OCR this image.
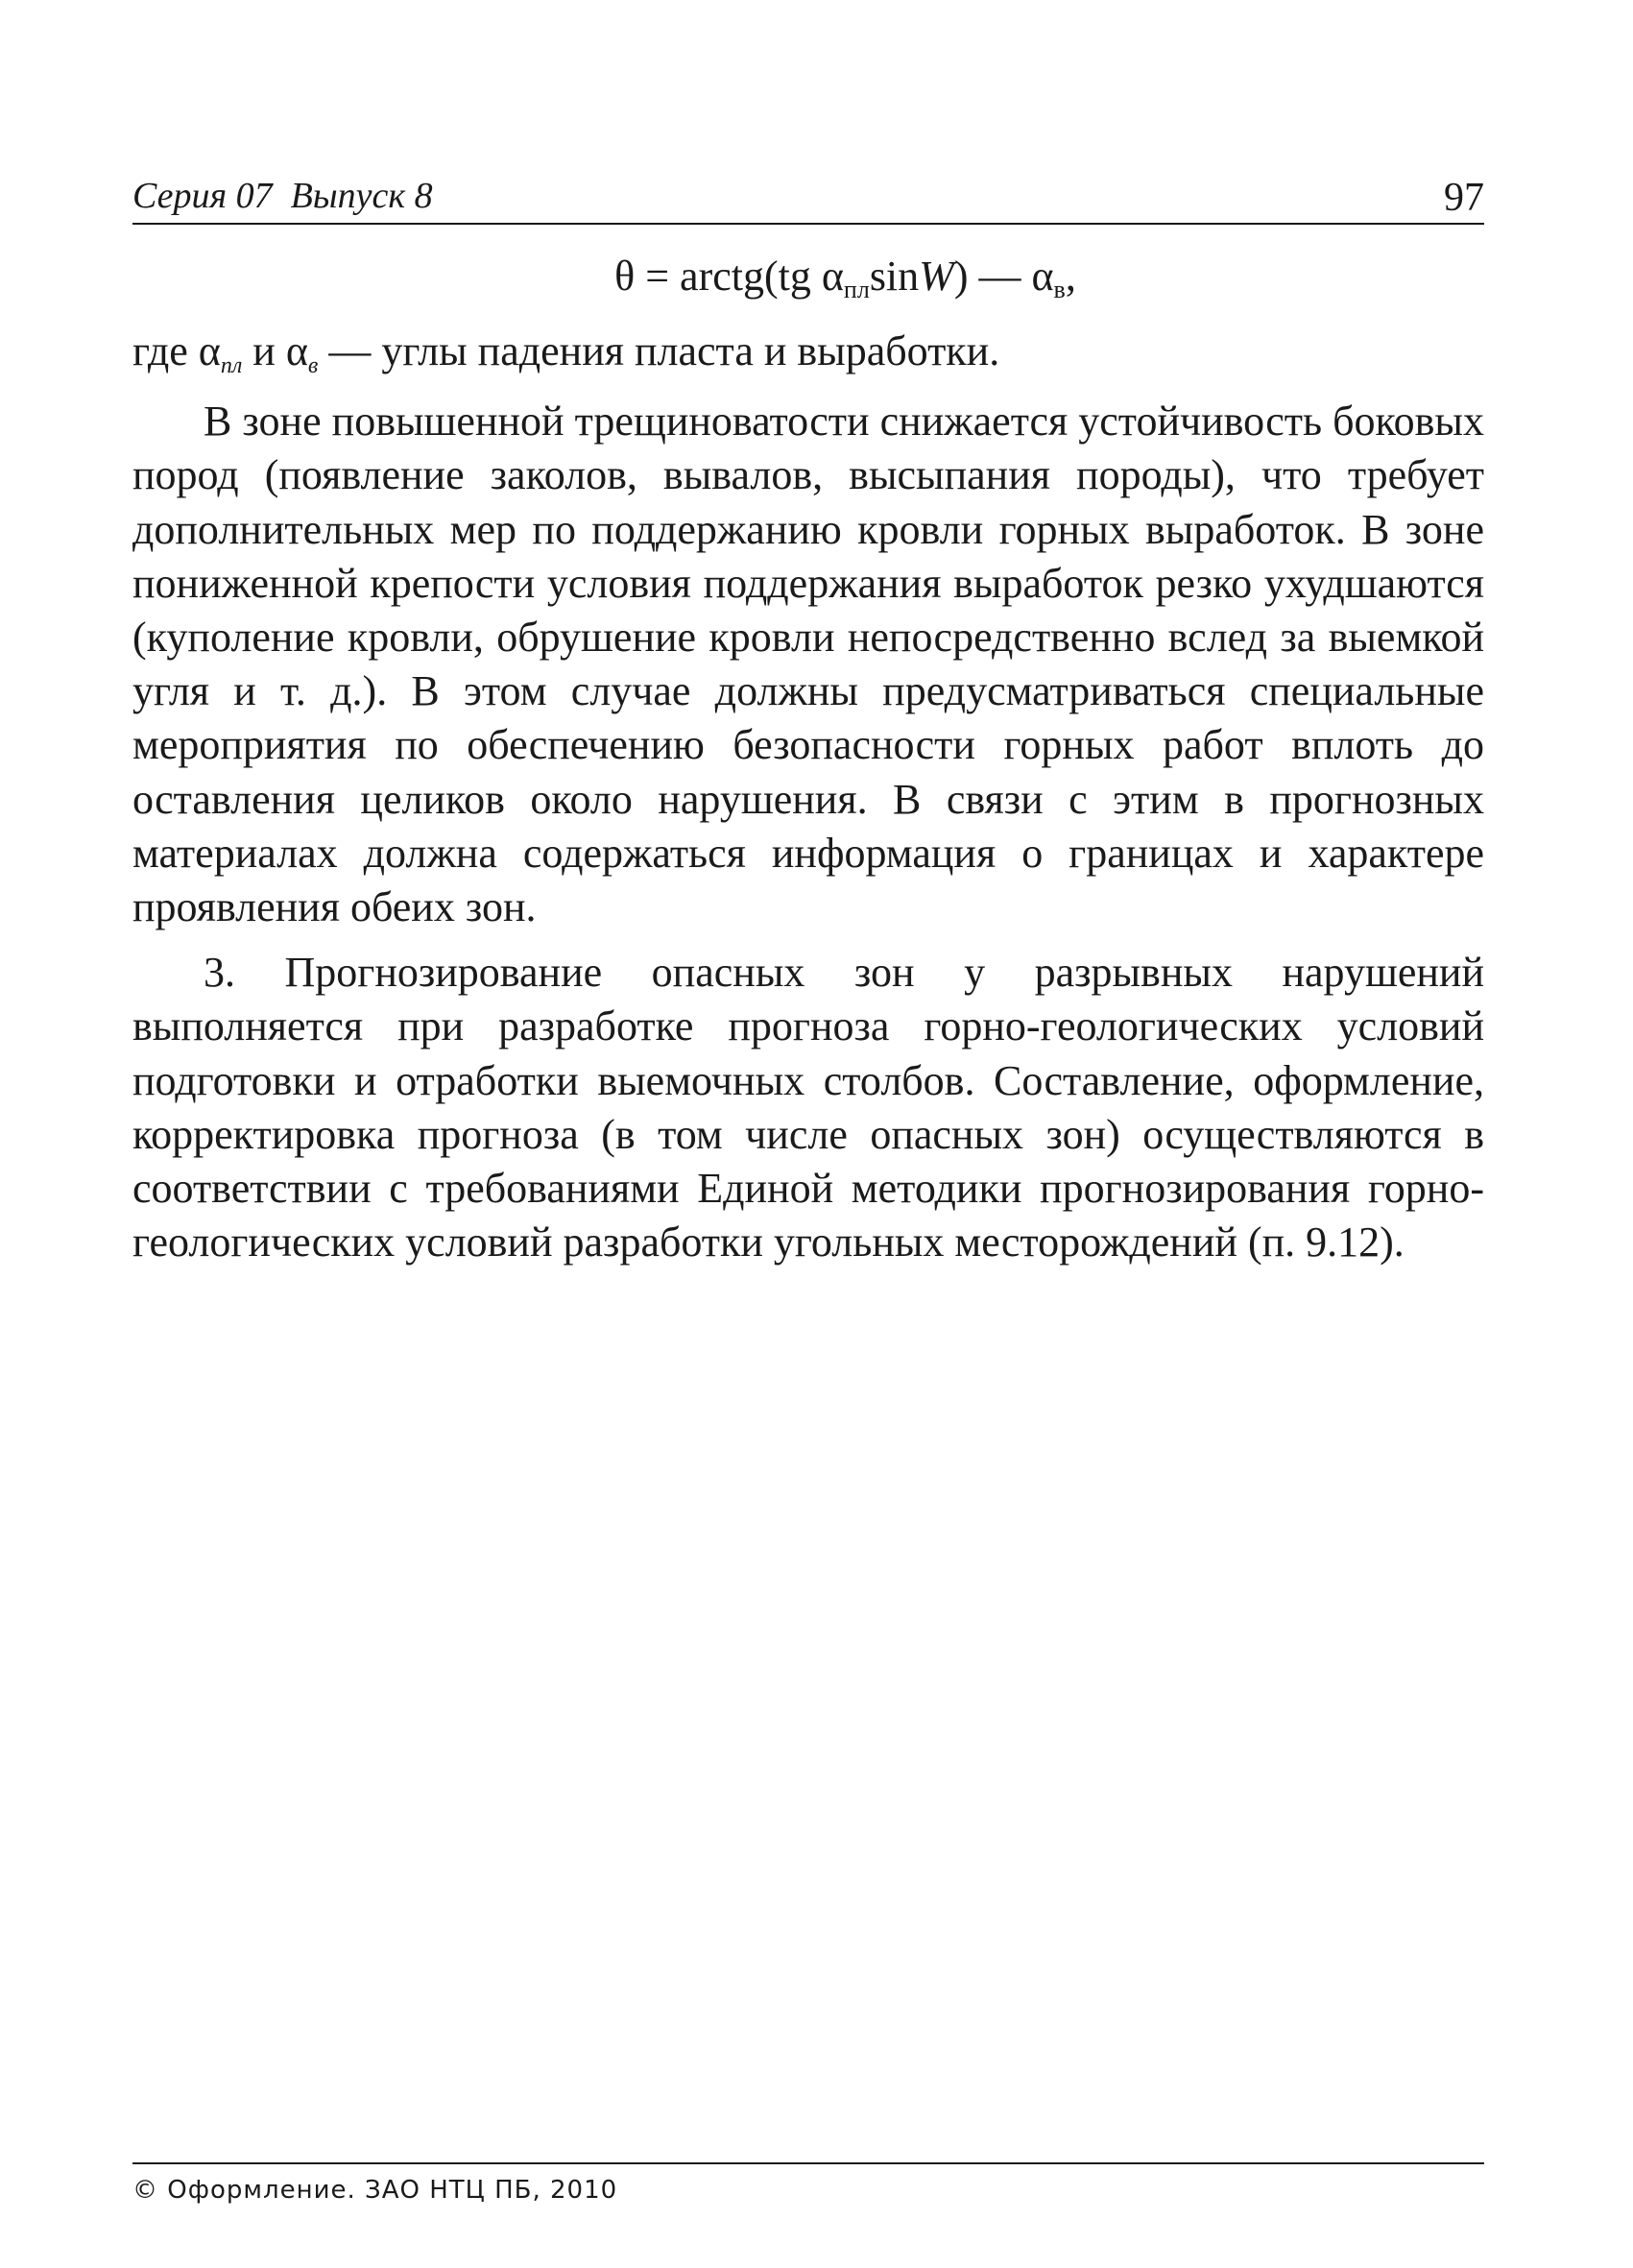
Серия 07  Выпуск 8	97
θ = arctg(tg $\alpha_{пл}\sin W$) — $\alpha_в$,

где $\alpha_{пл}$ и $\alpha_в$ — углы падения пласта и выработки.

В зоне повышенной трещиноватости снижается устойчивость боковых пород (появление заколов, вывалов, высыпания породы), что требует дополнительных мер по поддержанию кровли горных выработок. В зоне пониженной крепости условия поддержания выработок резко ухудшаются (куполение кровли, обрушение кровли непосредственно вслед за выемкой угля и т. д.). В этом случае должны предусматриваться специальные мероприятия по обеспечению безопасности горных работ вплоть до оставления целиков около нарушения. В связи с этим в прогнозных материалах должна содержаться информация о границах и характере проявления обеих зон.

3. Прогнозирование опасных зон у разрывных нарушений выполняется при разработке прогноза горно-геологических условий подготовки и отработки выемочных столбов. Составление, оформление, корректировка прогноза (в том числе опасных зон) осуществляются в соответствии с требованиями Единой методики прогнозирования горно-геологических условий разработки угольных месторождений (п. 9.12).

© Оформление. ЗАО НТЦ ПБ, 2010
